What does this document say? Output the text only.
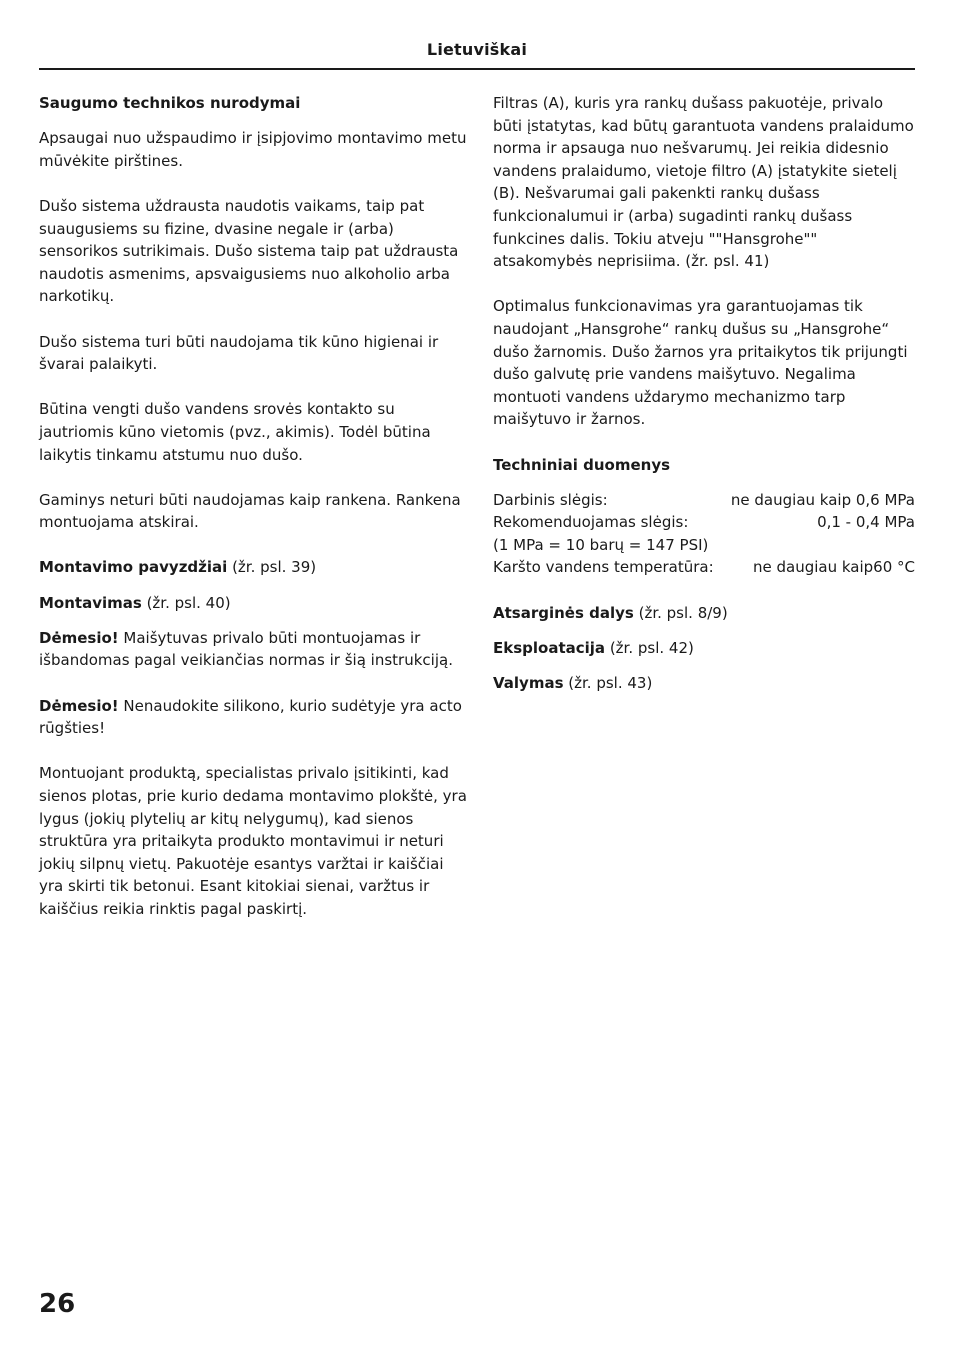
Lietuviškai

Saugumo technikos nurodymai

Apsaugai nuo užspaudimo ir įsipjovimo montavimo metu mūvėkite pirštines.

Dušo sistema uždrausta naudotis vaikams, taip pat suaugusiems su fizine, dvasine negale ir (arba) sensorikos sutrikimais. Dušo sistema taip pat uždrausta naudotis asmenims, apsvaigusiems nuo alkoholio arba narkotikų.

Dušo sistema turi būti naudojama tik kūno higienai ir švarai palaikyti.

Būtina vengti dušo vandens srovės kontakto su jautriomis kūno vietomis (pvz., akimis). Todėl būtina laikytis tinkamu atstumu nuo dušo.

Gaminys neturi būti naudojamas kaip rankena. Rankena montuojama atskirai.

Montavimo pavyzdžiai (žr. psl. 39)

Montavimas (žr. psl. 40)

Dėmesio! Maišytuvas privalo būti montuojamas ir išbandomas pagal veikiančias normas ir šią instrukciją.

Dėmesio! Nenaudokite silikono, kurio sudėtyje yra acto rūgšties!

Montuojant produktą, specialistas privalo įsitikinti, kad sienos plotas, prie kurio dedama montavimo plokštė, yra lygus (jokių plytelių ar kitų nelygumų), kad sienos struktūra yra pritaikyta produkto montavimui ir neturi jokių silpnų vietų. Pakuotėje esantys varžtai ir kaiščiai yra skirti tik betonui. Esant kitokiai sienai, varžtus ir kaiščius reikia rinktis pagal paskirtį.

Filtras (A), kuris yra rankų dušass pakuotėje, privalo būti įstatytas, kad būtų garantuota vandens pralaidumo norma ir apsauga nuo nešvarumų. Jei reikia didesnio vandens pralaidumo, vietoje filtro (A) įstatykite sietelį (B). Nešvarumai gali pakenkti rankų dušass funkcionalumui ir (arba) sugadinti rankų dušass funkcines dalis. Tokiu atveju ""Hansgrohe"" atsakomybės neprisiima. (žr. psl. 41)

Optimalus funkcionavimas yra garantuojamas tik naudojant „Hansgrohe“ rankų dušus su „Hansgrohe“ dušo žarnomis. Dušo žarnos yra pritaikytos tik prijungti dušo galvutę prie vandens maišytuvo. Negalima montuoti vandens uždarymo mechanizmo tarp maišytuvo ir žarnos.

Techniniai duomenys

Darbinis slėgis:	ne daugiau kaip 0,6 MPa
Rekomenduojamas slėgis:	0,1 - 0,4 MPa
(1 MPa = 10 barų = 147 PSI)
Karšto vandens temperatūra:	ne daugiau kaip60 °C

Atsarginės dalys (žr. psl. 8/9)

Eksploatacija (žr. psl. 42)

Valymas (žr. psl. 43)

26
